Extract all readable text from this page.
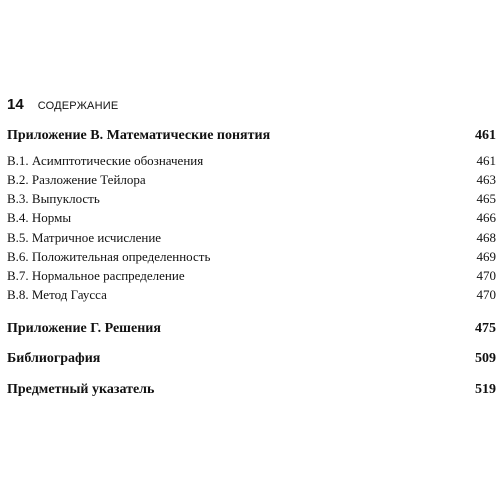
14 СОДЕРЖАНИЕ
Приложение В. Математические понятия	461
В.1. Асимптотические обозначения	461
В.2. Разложение Тейлора	463
В.3. Выпуклость	465
В.4. Нормы	466
В.5. Матричное исчисление	468
В.6. Положительная определенность	469
В.7. Нормальное распределение	470
В.8. Метод Гаусса	470
Приложение Г. Решения	475
Библиография	509
Предметный указатель	519
